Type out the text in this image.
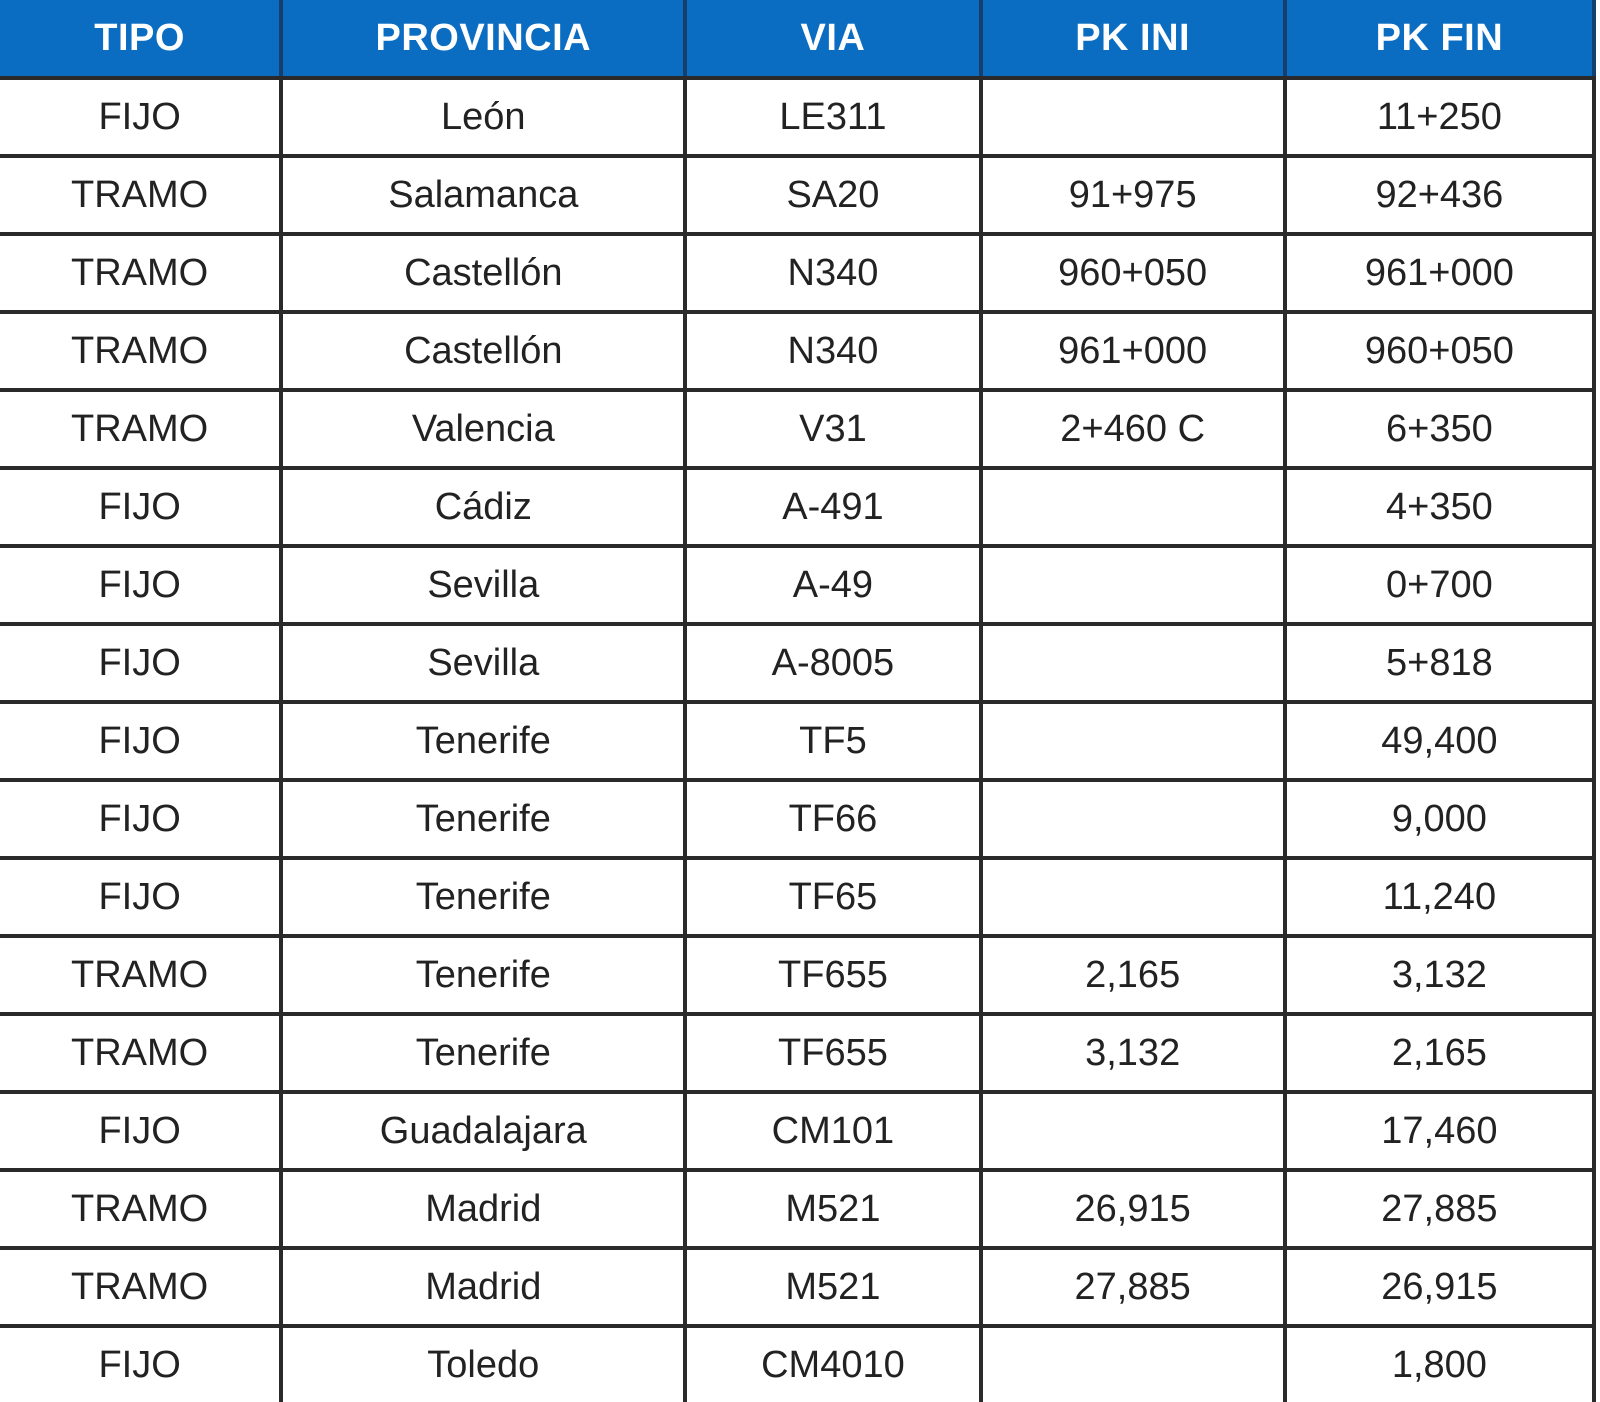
TIPO	PROVINCIA	VIA	PK INI	PK FIN
FIJO	León	LE311		11+250
TRAMO	Salamanca	SA20	91+975	92+436
TRAMO	Castellón	N340	960+050	961+000
TRAMO	Castellón	N340	961+000	960+050
TRAMO	Valencia	V31	2+460 C	6+350
FIJO	Cádiz	A-491		4+350
FIJO	Sevilla	A-49		0+700
FIJO	Sevilla	A-8005		5+818
FIJO	Tenerife	TF5		49,400
FIJO	Tenerife	TF66		9,000
FIJO	Tenerife	TF65		11,240
TRAMO	Tenerife	TF655	2,165	3,132
TRAMO	Tenerife	TF655	3,132	2,165
FIJO	Guadalajara	CM101		17,460
TRAMO	Madrid	M521	26,915	27,885
TRAMO	Madrid	M521	27,885	26,915
FIJO	Toledo	CM4010		1,800
